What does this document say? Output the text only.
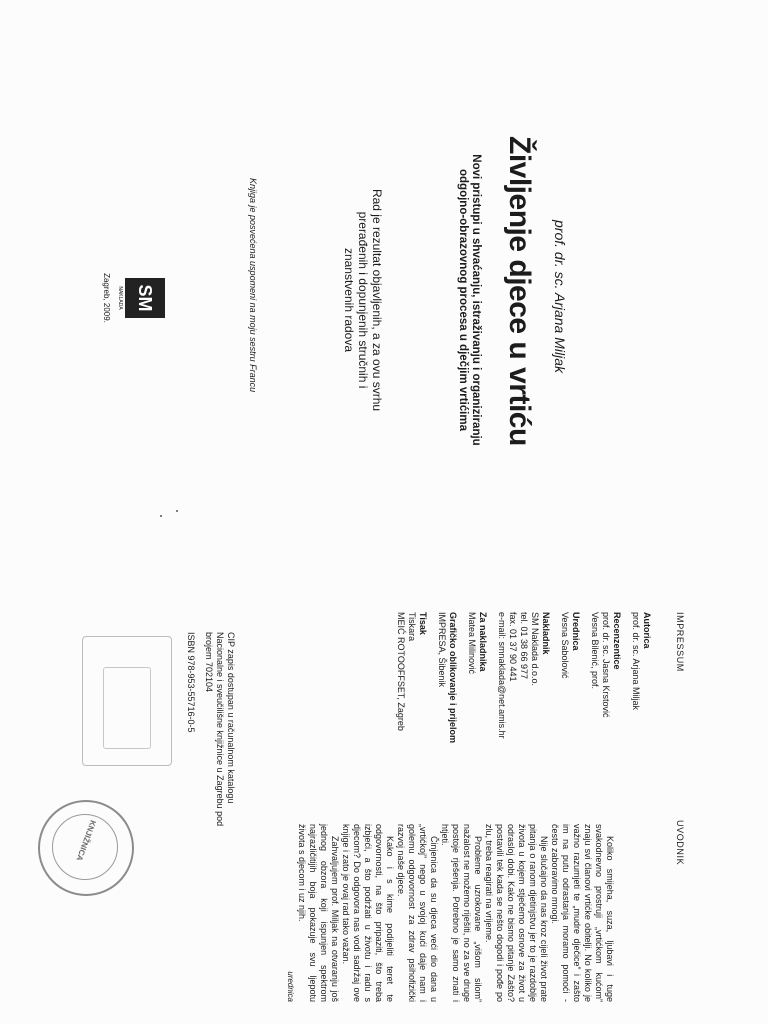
prof. dr. sc. Arjana Miljak
Življenje djece u vrtiću
Novi pristupi u shvaćanju, istraživanju i organiziranju odgojno-obrazovnog procesa u dječjim vrtićima
Rad je rezultat objavljenih, a za ovu svrhu prerađenih i dopunjenih stručnih i znanstvenih radova
Knjiga je posvećena uspomeni na moju sestru Francu
SM
NAKLADA
Zagreb, 2009.
IMPRESSUM
Autorica
prof. dr. sc. Arjana Miljak
Recenzentice
prof. dr. sc. Jasna Krstović
Vesna Bilenić, prof.
Urednica
Vesna Sabolović
Nakladnik
SM Naklada d.o.o.
tel. 01 38 66 977
fax. 01 37 90 441
e-mail: smnaklada@net.amis.hr
Za nakladnika
Matea Milinović
Grafičko oblikovanje i prijelom
IMPRESA, Šibenik
Tisak
Tiskara
MEIĆ ROTOOFFSET, Zagreb
CIP zapis dostupan u računalnom katalogu Nacionalne i sveučilišne knjižnice u Zagrebu pod brojem 702104
ISBN 978-953-55716-0-5
UVODNIK

Koliko smijeha, suza, ljubavi i tuge svakodnevno prostruji „vrtićkom kućom” znaju svi članovi vrtićke obitelji. No koliko je važno razumjeti te „mudre dječice” i zašto im na putu odrastanja moramo pomoći - često zaboravimo mnogi.

Nije slučajno da nas kroz cijeli život prate pitanja o ranom djetinjstvu jer to je razdoblje života u kojem stječemo osnove za život u odrasloj dobi. Kako ne bismo pitanje Zašto? postavili tek kada se nešto dogodi i pođe po zlu, treba reagirati na vrijeme.

Probleme uzrokovane „višom silom” nažalost ne možemo riješiti, no za sve druge postoje rješenja. Potrebno je samo znati i htjeti.

Činjenica da su djeca veći dio dana u „vrtićkoj” nego u svojoj kući daje nam i golemu odgovornost za zdrav psihofizički razvoj naše djece.

Kako i s kime podijeliti teret te odgovornosti, na što pripaziti, što treba izbjeći, a što podržati u životu i radu s djecom? Do odgovora nas vodi sadržaj ove knjige i zato je ovaj rad tako važan.

Zahvaljujem prof. Miljak na otvaranju još jednog obzora koji ispunjen spektrom najrazličitijih boja pokazuje svu ljepotu života s djecom i uz njih.

urednica
KNJIŽNICA
